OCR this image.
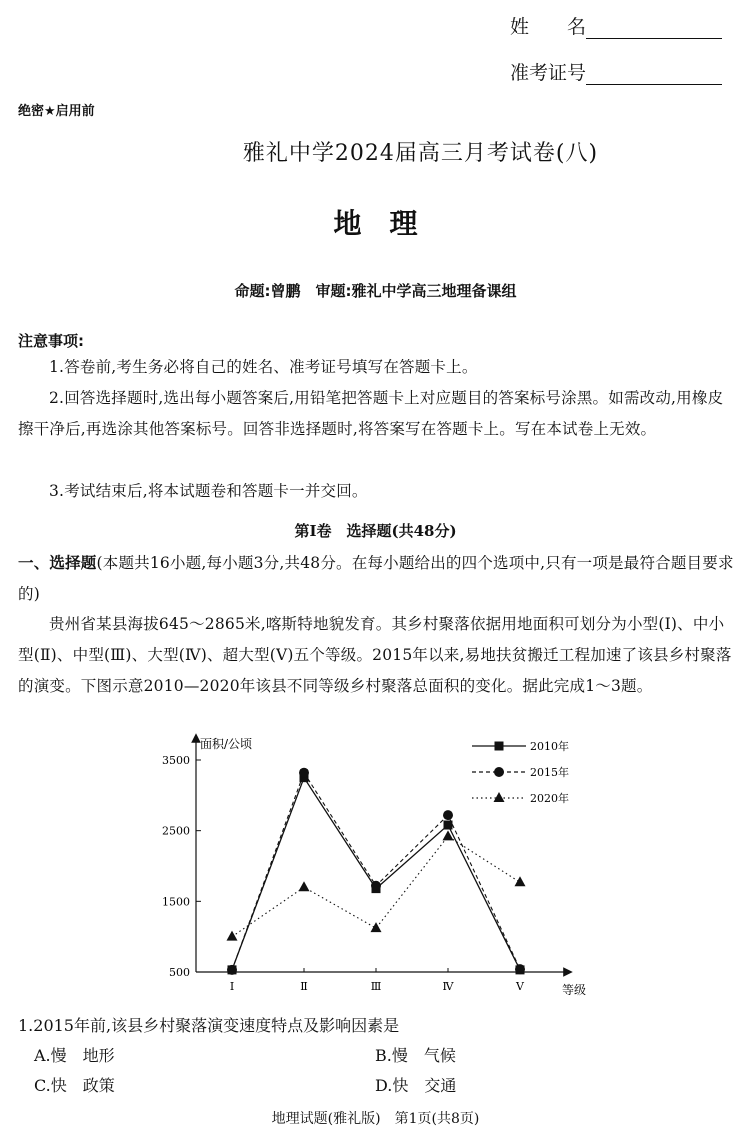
姓　　名
准考证号
绝密★启用前
雅礼中学2024届高三月考试卷(八)
地　理
命题:曾鹏　审题:雅礼中学高三地理备课组
注意事项:
1.答卷前,考生务必将自己的姓名、准考证号填写在答题卡上。
2.回答选择题时,选出每小题答案后,用铅笔把答题卡上对应题目的答案标号涂黑。如需改动,用橡皮擦干净后,再选涂其他答案标号。回答非选择题时,将答案写在答题卡上。写在本试卷上无效。
3.考试结束后,将本试题卷和答题卡一并交回。
第Ⅰ卷　选择题(共48分)
一、选择题(本题共16小题,每小题3分,共48分。在每小题给出的四个选项中,只有一项是最符合题目要求的)
贵州省某县海拔645～2865米,喀斯特地貌发育。其乡村聚落依据用地面积可划分为小型(Ⅰ)、中小型(Ⅱ)、中型(Ⅲ)、大型(Ⅳ)、超大型(Ⅴ)五个等级。2015年以来,易地扶贫搬迁工程加速了该县乡村聚落的演变。下图示意2010—2020年该县不同等级乡村聚落总面积的变化。据此完成1～3题。
面积/公顷
等级
500
1500
2500
3500
Ⅰ	Ⅱ	Ⅲ	Ⅳ	Ⅴ
2010年
2015年
2020年
1.2015年前,该县乡村聚落演变速度特点及影响因素是
A.慢　地形	B.慢　气候
C.快　政策	D.快　交通
地理试题(雅礼版)　第1页(共8页)
